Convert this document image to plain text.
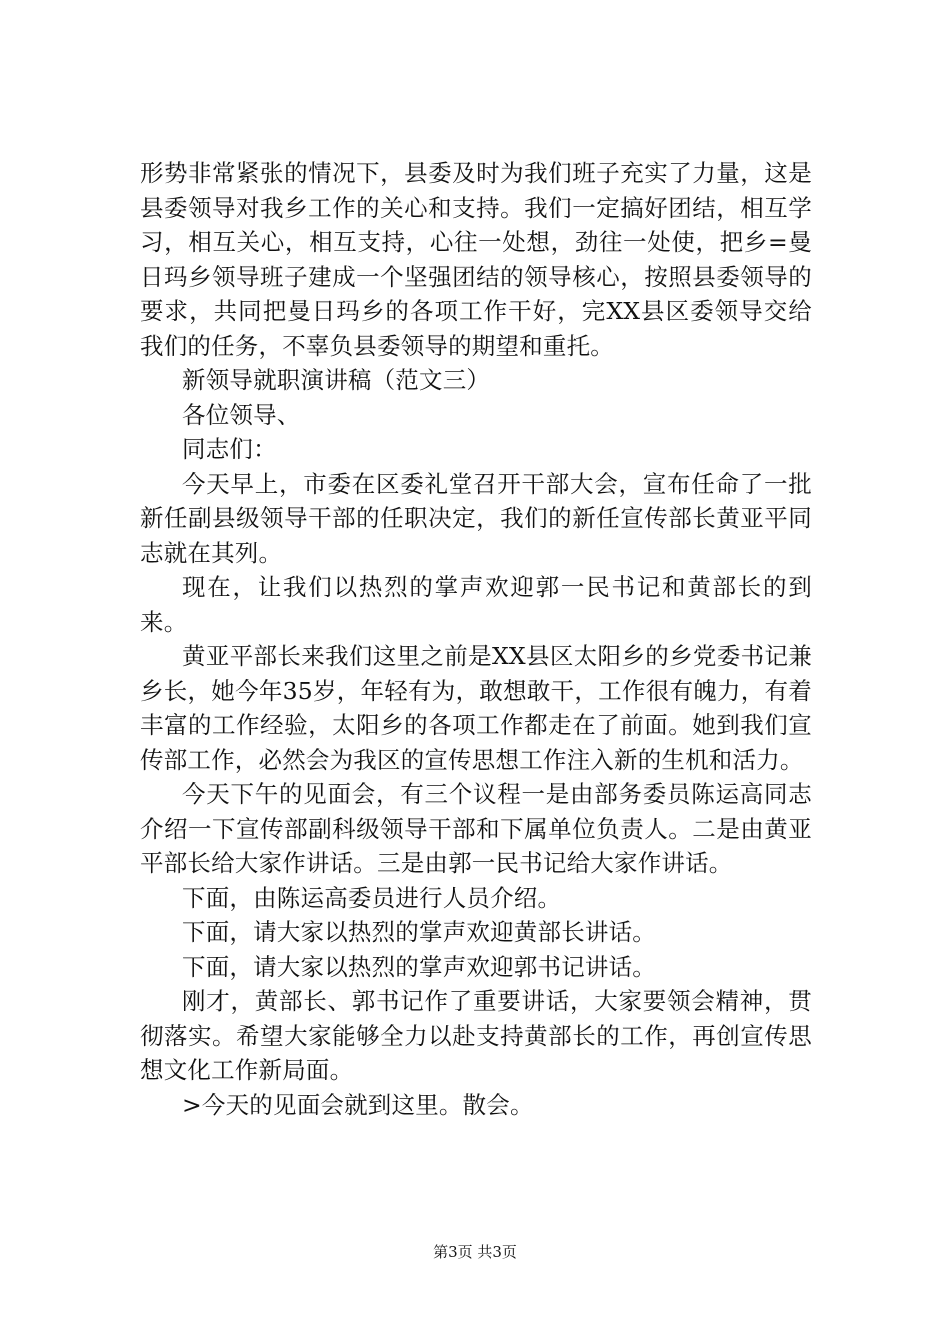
形势非常紧张的情况下，县委及时为我们班子充实了力量，这是县委领导对我乡工作的关心和支持。我们一定搞好团结，相互学习，相互关心，相互支持，心往一处想，劲往一处使，把乡=曼日玛乡领导班子建成一个坚强团结的领导核心，按照县委领导的要求，共同把曼日玛乡的各项工作干好，完XX县区委领导交给我们的任务，不辜负县委领导的期望和重托。

新领导就职演讲稿（范文三）

各位领导、

同志们：

今天早上，市委在区委礼堂召开干部大会，宣布任命了一批新任副县级领导干部的任职决定，我们的新任宣传部长黄亚平同志就在其列。

现在，让我们以热烈的掌声欢迎郭一民书记和黄部长的到来。

黄亚平部长来我们这里之前是XX县区太阳乡的乡党委书记兼乡长，她今年35岁，年轻有为，敢想敢干，工作很有魄力，有着丰富的工作经验，太阳乡的各项工作都走在了前面。她到我们宣传部工作，必然会为我区的宣传思想工作注入新的生机和活力。

今天下午的见面会，有三个议程一是由部务委员陈运高同志介绍一下宣传部副科级领导干部和下属单位负责人。二是由黄亚平部长给大家作讲话。三是由郭一民书记给大家作讲话。

下面，由陈运高委员进行人员介绍。

下面，请大家以热烈的掌声欢迎黄部长讲话。

下面，请大家以热烈的掌声欢迎郭书记讲话。

刚才，黄部长、郭书记作了重要讲话，大家要领会精神，贯彻落实。希望大家能够全力以赴支持黄部长的工作，再创宣传思想文化工作新局面。

>今天的见面会就到这里。散会。

第3页 共3页
